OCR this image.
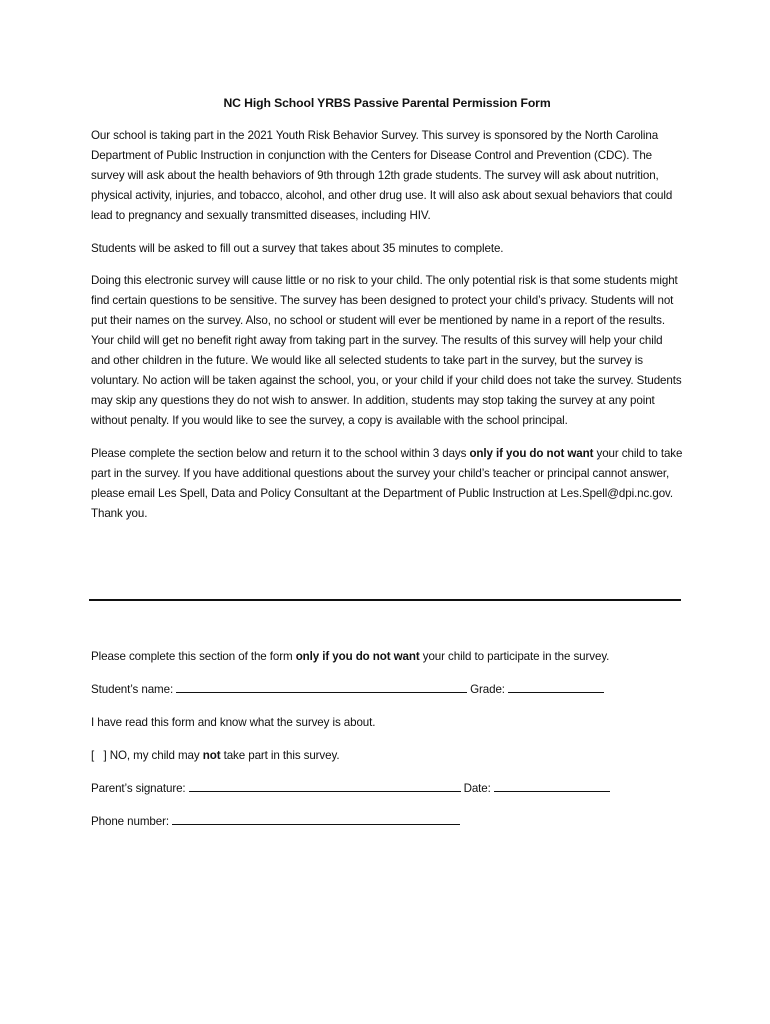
NC High School YRBS Passive Parental Permission Form

Our school is taking part in the 2021 Youth Risk Behavior Survey. This survey is sponsored by the North Carolina Department of Public Instruction in conjunction with the Centers for Disease Control and Prevention (CDC). The survey will ask about the health behaviors of 9th through 12th grade students. The survey will ask about nutrition, physical activity, injuries, and tobacco, alcohol, and other drug use. It will also ask about sexual behaviors that could lead to pregnancy and sexually transmitted diseases, including HIV.

Students will be asked to fill out a survey that takes about 35 minutes to complete.

Doing this electronic survey will cause little or no risk to your child. The only potential risk is that some students might find certain questions to be sensitive. The survey has been designed to protect your child’s privacy. Students will not put their names on the survey. Also, no school or student will ever be mentioned by name in a report of the results. Your child will get no benefit right away from taking part in the survey. The results of this survey will help your child and other children in the future. We would like all selected students to take part in the survey, but the survey is voluntary. No action will be taken against the school, you, or your child if your child does not take the survey. Students may skip any questions they do not wish to answer. In addition, students may stop taking the survey at any point without penalty. If you would like to see the survey, a copy is available with the school principal.

Please complete the section below and return it to the school within 3 days only if you do not want your child to take part in the survey. If you have additional questions about the survey your child’s teacher or principal cannot answer, please email Les Spell, Data and Policy Consultant at the Department of Public Instruction at Les.Spell@dpi.nc.gov. Thank you.

Please complete this section of the form only if you do not want your child to participate in the survey.
Student’s name:	Grade:
I have read this form and know what the survey is about.
[   ] NO, my child may not take part in this survey.
Parent’s signature:	Date:
Phone number:
